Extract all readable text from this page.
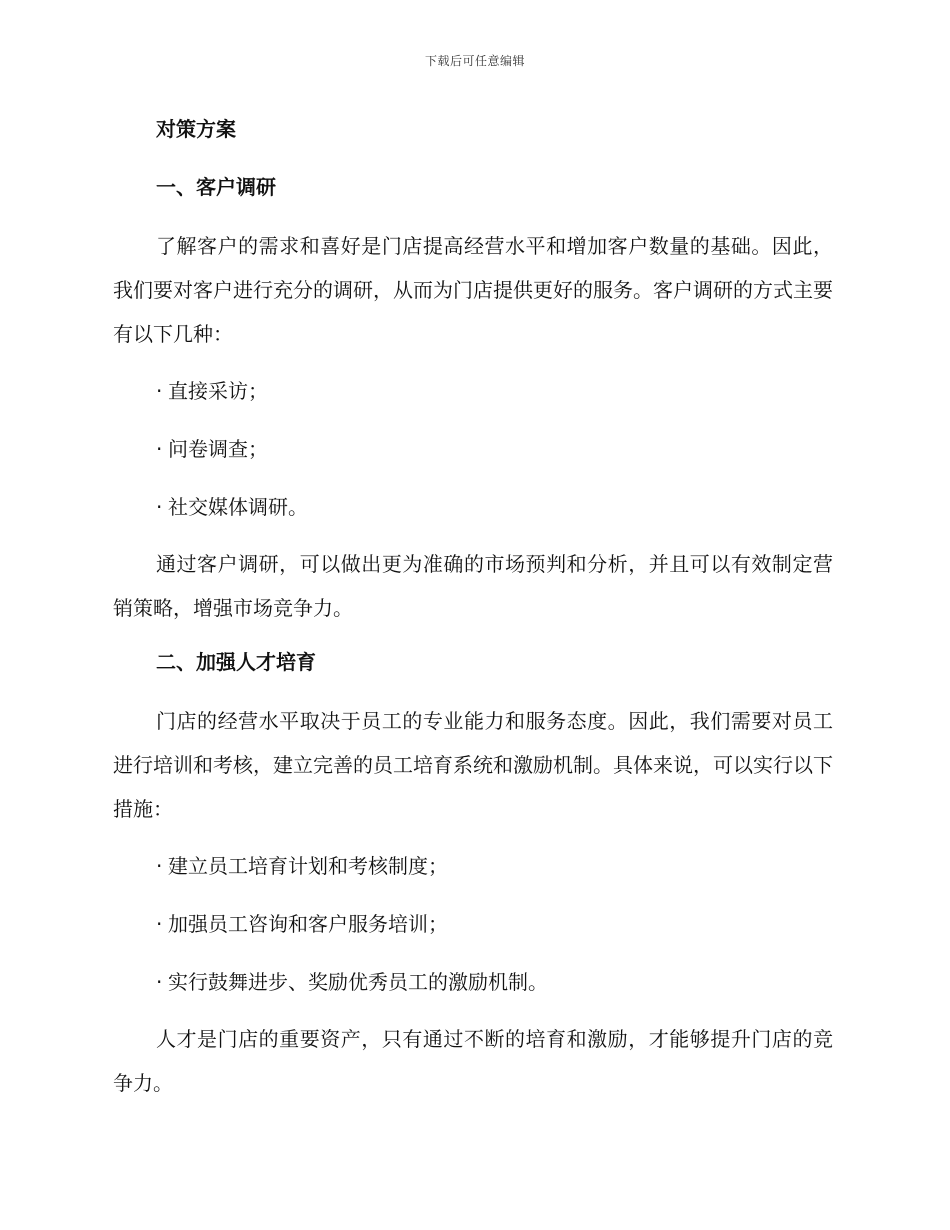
下载后可任意编辑

对策方案

一、客户调研

了解客户的需求和喜好是门店提高经营水平和增加客户数量的基础。因此，我们要对客户进行充分的调研，从而为门店提供更好的服务。客户调研的方式主要有以下几种：

· 直接采访；

· 问卷调查；

· 社交媒体调研。

通过客户调研，可以做出更为准确的市场预判和分析，并且可以有效制定营销策略，增强市场竞争力。

二、加强人才培育

门店的经营水平取决于员工的专业能力和服务态度。因此，我们需要对员工进行培训和考核，建立完善的员工培育系统和激励机制。具体来说，可以实行以下措施：

· 建立员工培育计划和考核制度；

· 加强员工咨询和客户服务培训；

· 实行鼓舞进步、奖励优秀员工的激励机制。

人才是门店的重要资产，只有通过不断的培育和激励，才能够提升门店的竞争力。
